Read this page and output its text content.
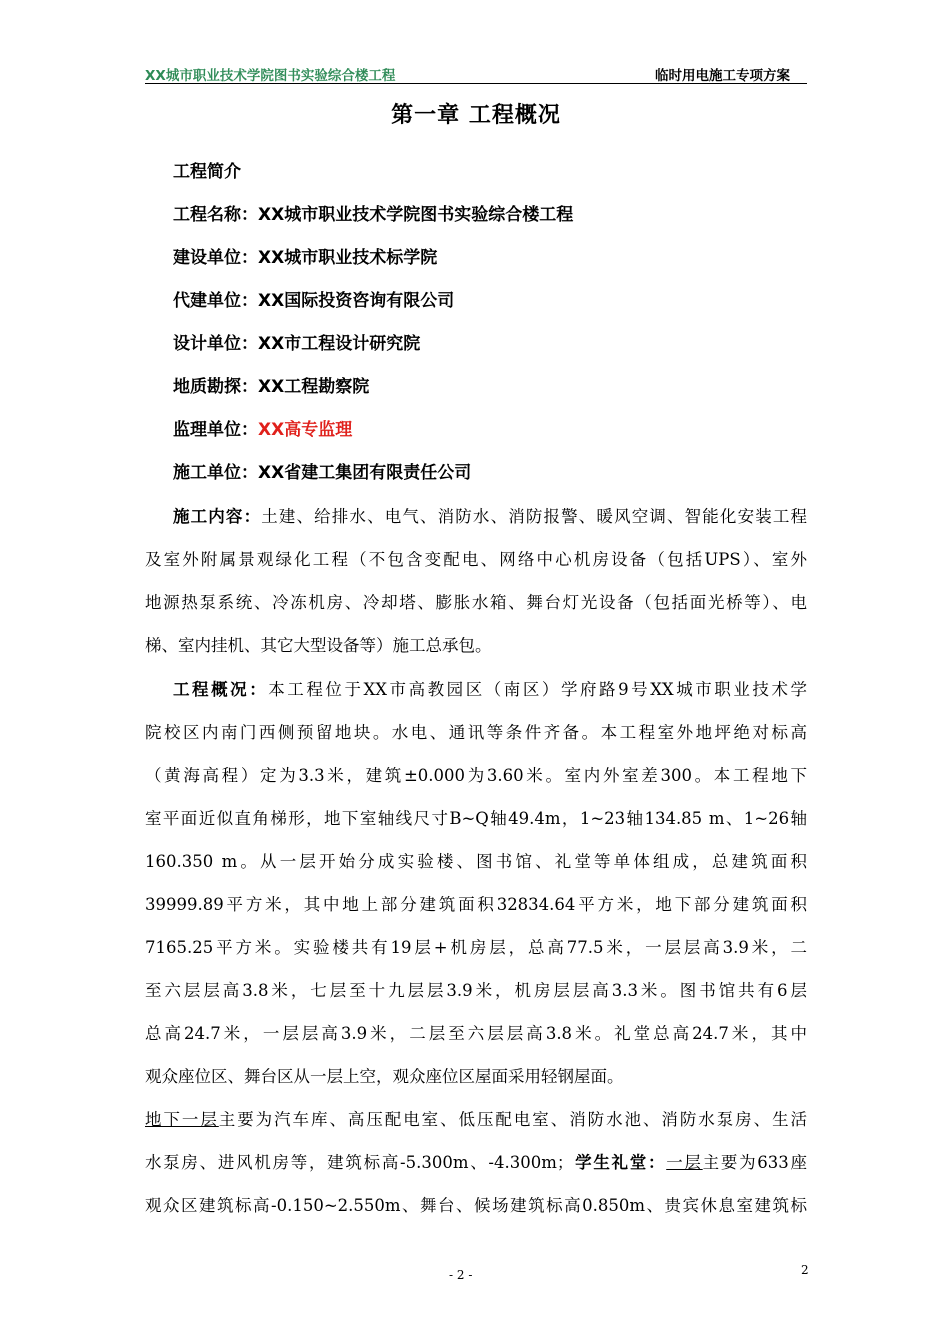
XX城市职业技术学院图书实验综合楼工程	临时用电施工专项方案
第一章 工程概况
工程简介
工程名称：XX城市职业技术学院图书实验综合楼工程
建设单位：XX城市职业技术标学院
代建单位：XX国际投资咨询有限公司
设计单位：XX市工程设计研究院
地质勘探：XX工程勘察院
监理单位：XX高专监理
施工单位：XX省建工集团有限责任公司
施工内容：土建、给排水、电气、消防水、消防报警、暖风空调、智能化安装工程
及室外附属景观绿化工程（不包含变配电、网络中心机房设备（包括UPS）、室外
地源热泵系统、冷冻机房、冷却塔、膨胀水箱、舞台灯光设备（包括面光桥等）、电
梯、室内挂机、其它大型设备等）施工总承包。
工程概况：本工程位于XX市高教园区（南区）学府路9号XX城市职业技术学
院校区内南门西侧预留地块。水电、通讯等条件齐备。本工程室外地坪绝对标高
（黄海高程）定为3.3米，建筑±0.000为3.60米。室内外室差300。本工程地下
室平面近似直角梯形，地下室轴线尺寸B~Q轴49.4m，1~23轴134.85 m、1~26轴
160.350 m。从一层开始分成实验楼、图书馆、礼堂等单体组成，总建筑面积
39999.89平方米，其中地上部分建筑面积32834.64平方米，地下部分建筑面积
7165.25平方米。实验楼共有19层+机房层，总高77.5米，一层层高3.9米，二
至六层层高3.8米，七层至十九层层3.9米，机房层层高3.3米。图书馆共有6层
总高24.7米，一层层高3.9米，二层至六层层高3.8米。礼堂总高24.7米，其中
观众座位区、舞台区从一层上空，观众座位区屋面采用轻钢屋面。
地下一层主要为汽车库、高压配电室、低压配电室、消防水池、消防水泵房、生活
水泵房、进风机房等，建筑标高-5.300m、-4.300m；学生礼堂：一层主要为633座
观众区建筑标高-0.150~2.550m、舞台、候场建筑标高0.850m、贵宾休息室建筑标
- 2 -	2
